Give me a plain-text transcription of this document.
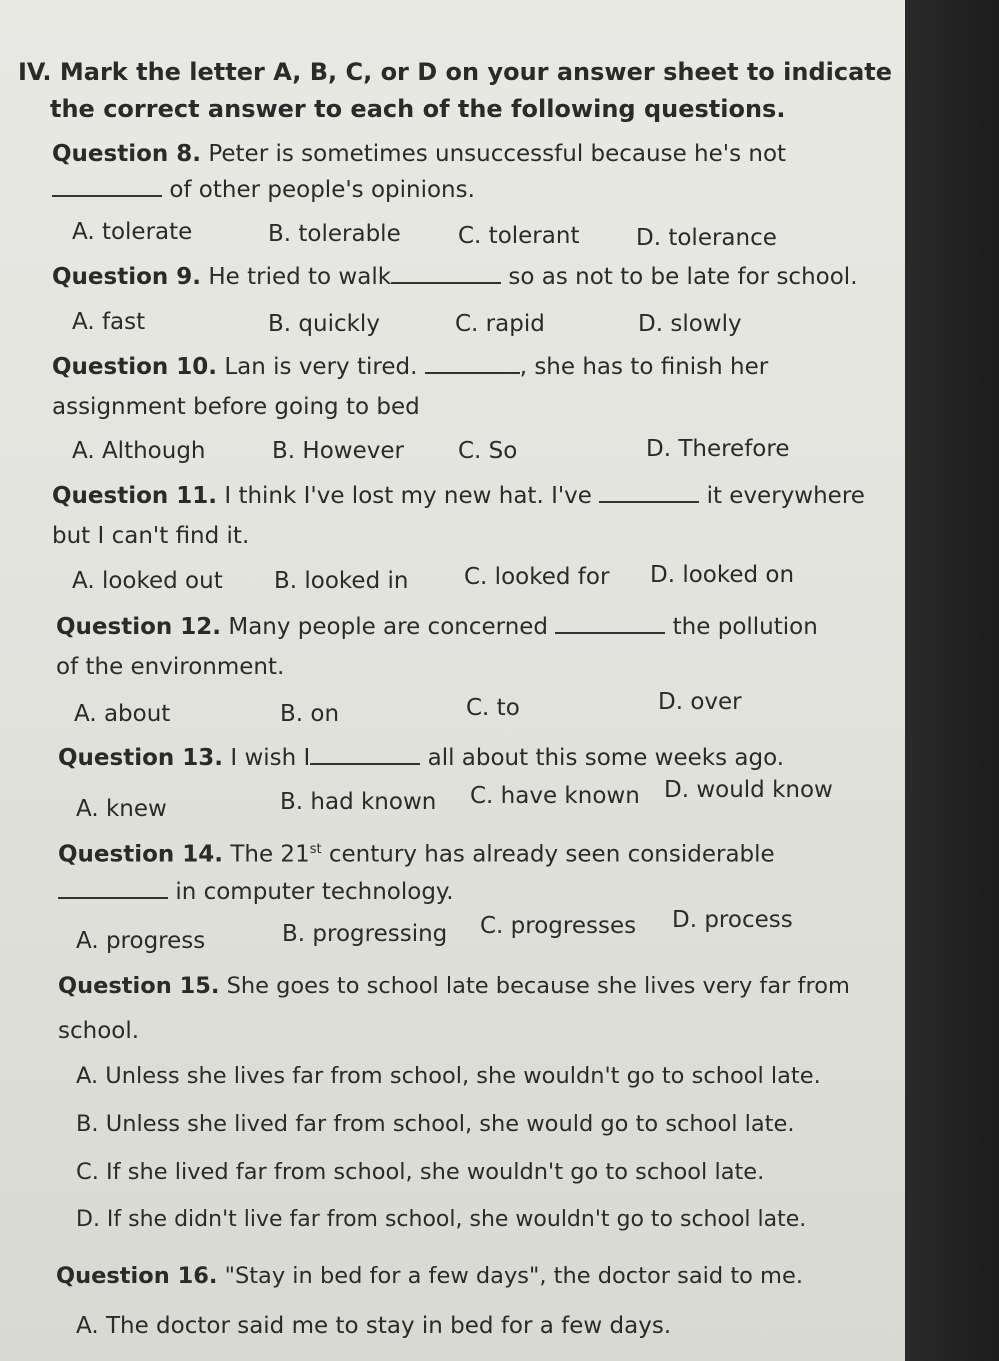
IV. Mark the letter A, B, C, or D on your answer sheet to indicate
the correct answer to each of the following questions.
Question 8. Peter is sometimes unsuccessful because he's not
of other people's opinions.
A. tolerate	B. tolerable C. tolerant D. tolerance
Question 9. He tried to walk	so as not to be late for school.
A. fast	B. quickly	C. rapid	D. slowly
Question 10. Lan is very tired.	, she has to finish her
assignment before going to bed
A. Although	B. However C. So	D. Therefore
Question 11. I think I've lost my new hat. I've	it everywhere
but I can't find it.
A. looked out B. looked in C. looked for D. looked on
Question 12. Many people are concerned	the pollution
of the environment.
A. about	B. on	C. to	D. over
Question 13. I wish I	all about this some weeks ago.
A. knew	B. had known C. have known D. would know
Question 14. The 21st century has already seen considerable
in computer technology.
A. progress	B. progressing C. progresses D. process
Question 15. She goes to school late because she lives very far from
school.
A. Unless she lives far from school, she wouldn't go to school late.
B. Unless she lived far from school, she would go to school late.
C. If she lived far from school, she wouldn't go to school late.
D. If she didn't live far from school, she wouldn't go to school late.
Question 16. "Stay in bed for a few days", the doctor said to me.
A. The doctor said me to stay in bed for a few days.
